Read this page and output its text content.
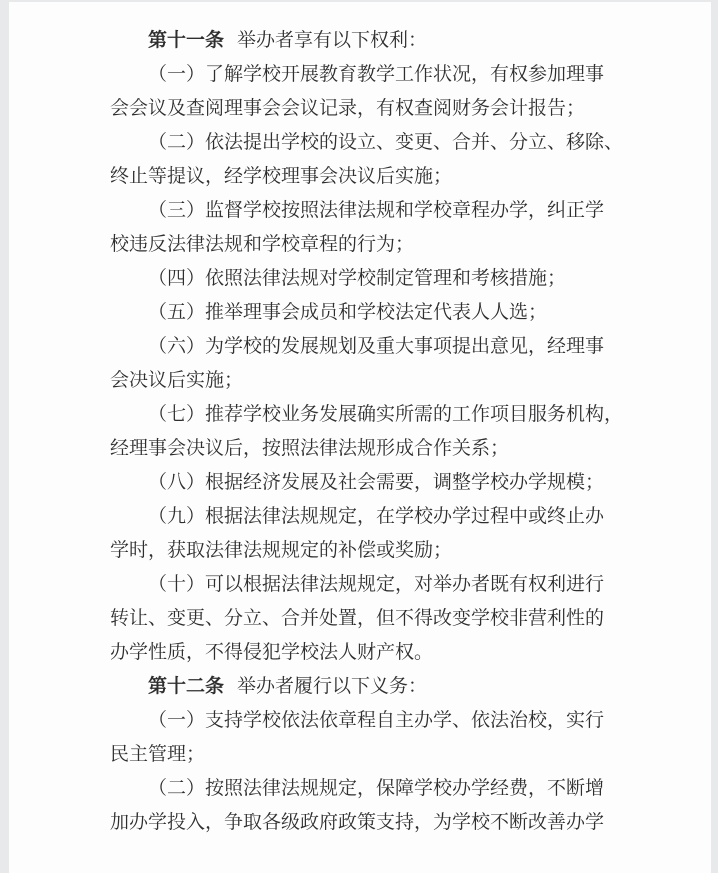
第十一条 举办者享有以下权利：
（一）了解学校开展教育教学工作状况，有权参加理事
会会议及查阅理事会会议记录，有权查阅财务会计报告；
（二）依法提出学校的设立、变更、合并、分立、移除、
终止等提议，经学校理事会决议后实施；
（三）监督学校按照法律法规和学校章程办学，纠正学
校违反法律法规和学校章程的行为；
（四）依照法律法规对学校制定管理和考核措施；
（五）推举理事会成员和学校法定代表人人选；
（六）为学校的发展规划及重大事项提出意见，经理事
会决议后实施；
（七）推荐学校业务发展确实所需的工作项目服务机构，
经理事会决议后，按照法律法规形成合作关系；
（八）根据经济发展及社会需要，调整学校办学规模；
（九）根据法律法规规定，在学校办学过程中或终止办
学时，获取法律法规规定的补偿或奖励；
（十）可以根据法律法规规定，对举办者既有权利进行
转让、变更、分立、合并处置，但不得改变学校非营利性的
办学性质，不得侵犯学校法人财产权。
第十二条 举办者履行以下义务：
（一）支持学校依法依章程自主办学、依法治校，实行
民主管理；
（二）按照法律法规规定，保障学校办学经费，不断增
加办学投入，争取各级政府政策支持，为学校不断改善办学
